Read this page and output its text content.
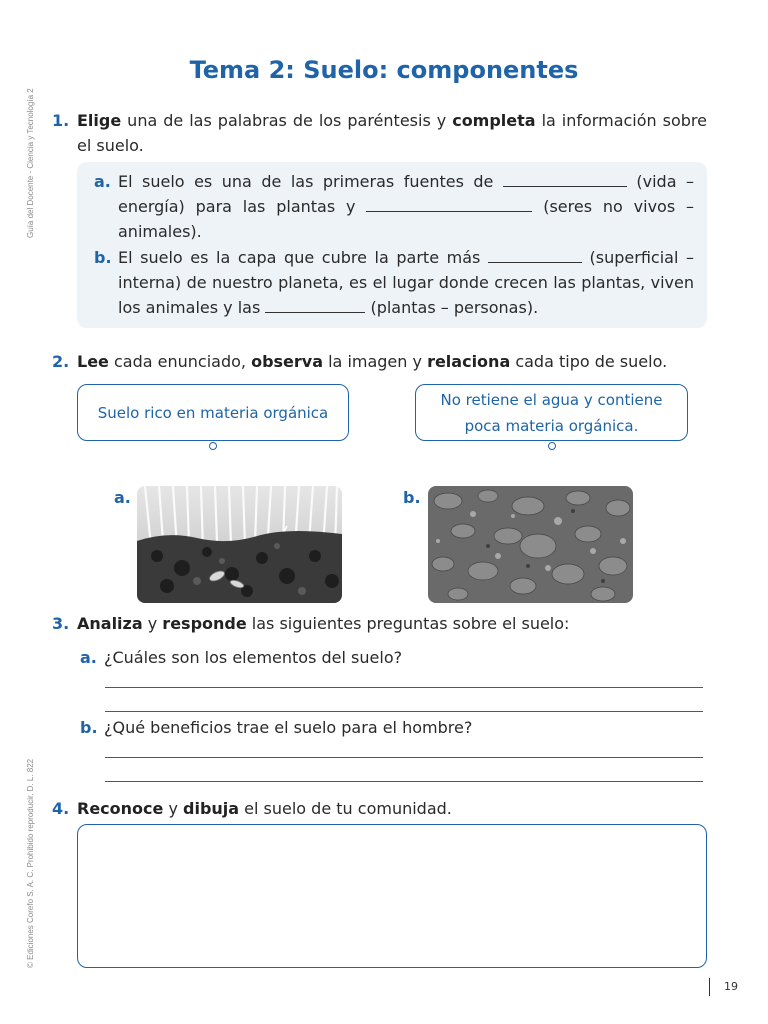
Guía del Docente - Ciencia y Tecnología 2
© Ediciones Corefo S. A. C. Prohibido reproducir. D. L. 822
Tema 2: Suelo: componentes
1. Elige una de las palabras de los paréntesis y completa la información sobre el suelo.
a. El suelo es una de las primeras fuentes de	(vida – energía) para las plantas y	(seres no vivos – animales).
b. El suelo es la capa que cubre la parte más	(superficial – interna) de nuestro planeta, es el lugar donde crecen las plantas, viven los animales y las	(plantas – personas).
2. Lee cada enunciado, observa la imagen y relaciona cada tipo de suelo.
Suelo rico en materia orgánica
No retiene el agua y contiene poca materia orgánica.
a.	b.
3. Analiza y responde las siguientes preguntas sobre el suelo:
a. ¿Cuáles son los elementos del suelo?
b. ¿Qué beneficios trae el suelo para el hombre?
4. Reconoce y dibuja el suelo de tu comunidad.
19
